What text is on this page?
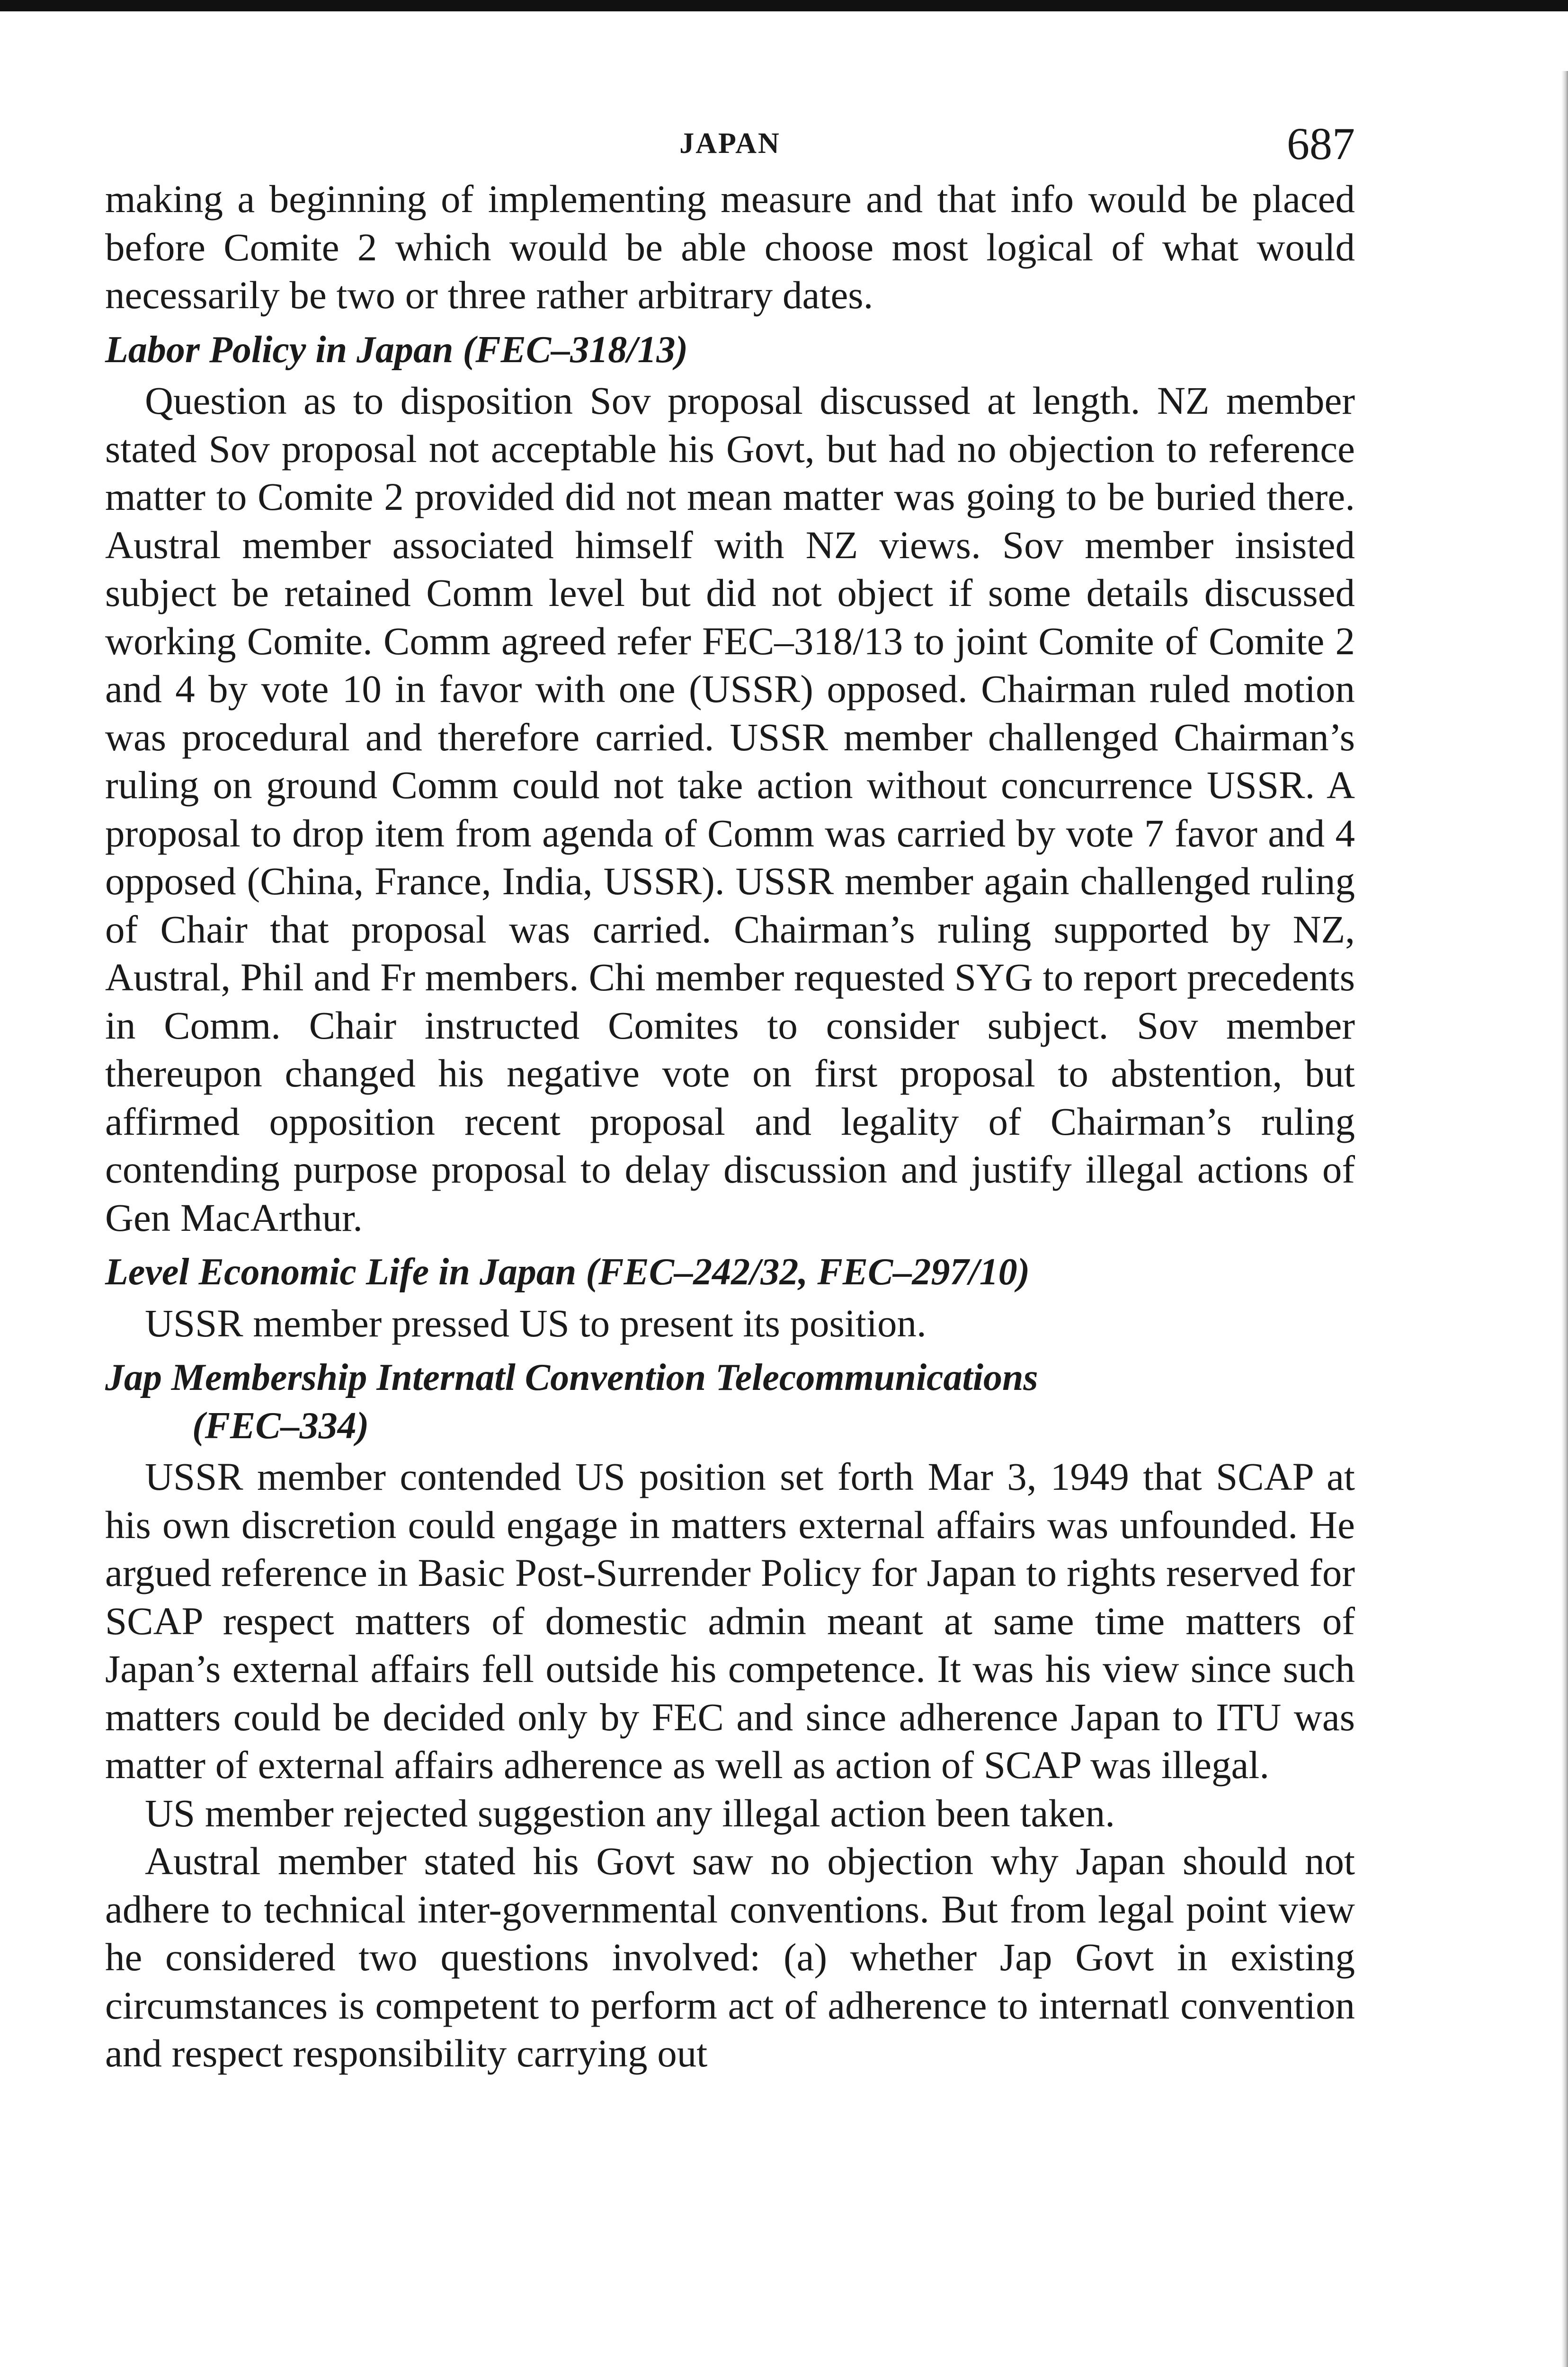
JAPAN	687

making a beginning of implementing measure and that info would be placed before Comite 2 which would be able choose most logical of what would necessarily be two or three rather arbitrary dates.

Labor Policy in Japan (FEC–318/13)

Question as to disposition Sov proposal discussed at length. NZ member stated Sov proposal not acceptable his Govt, but had no objection to reference matter to Comite 2 provided did not mean matter was going to be buried there. Austral member associated himself with NZ views. Sov member insisted subject be retained Comm level but did not object if some details discussed working Comite. Comm agreed refer FEC–318/13 to joint Comite of Comite 2 and 4 by vote 10 in favor with one (USSR) opposed. Chairman ruled motion was procedural and therefore carried. USSR member challenged Chairman’s ruling on ground Comm could not take action without concurrence USSR. A proposal to drop item from agenda of Comm was carried by vote 7 favor and 4 opposed (China, France, India, USSR). USSR member again challenged ruling of Chair that proposal was carried. Chairman’s ruling supported by NZ, Austral, Phil and Fr members. Chi member requested SYG to report precedents in Comm. Chair instructed Comites to consider subject. Sov member thereupon changed his negative vote on first proposal to abstention, but affirmed opposition recent proposal and legality of Chairman’s ruling contending purpose proposal to delay discussion and justify illegal actions of Gen MacArthur.

Level Economic Life in Japan (FEC–242/32, FEC–297/10)

USSR member pressed US to present its position.

Jap Membership Internatl Convention Telecommunications
(FEC–334)

USSR member contended US position set forth Mar 3, 1949 that SCAP at his own discretion could engage in matters external affairs was unfounded. He argued reference in Basic Post-Surrender Policy for Japan to rights reserved for SCAP respect matters of domestic admin meant at same time matters of Japan’s external affairs fell outside his competence. It was his view since such matters could be decided only by FEC and since adherence Japan to ITU was matter of external affairs adherence as well as action of SCAP was illegal.

US member rejected suggestion any illegal action been taken.

Austral member stated his Govt saw no objection why Japan should not adhere to technical inter-governmental conventions. But from legal point view he considered two questions involved: (a) whether Jap Govt in existing circumstances is competent to perform act of adherence to internatl convention and respect responsibility carrying out
